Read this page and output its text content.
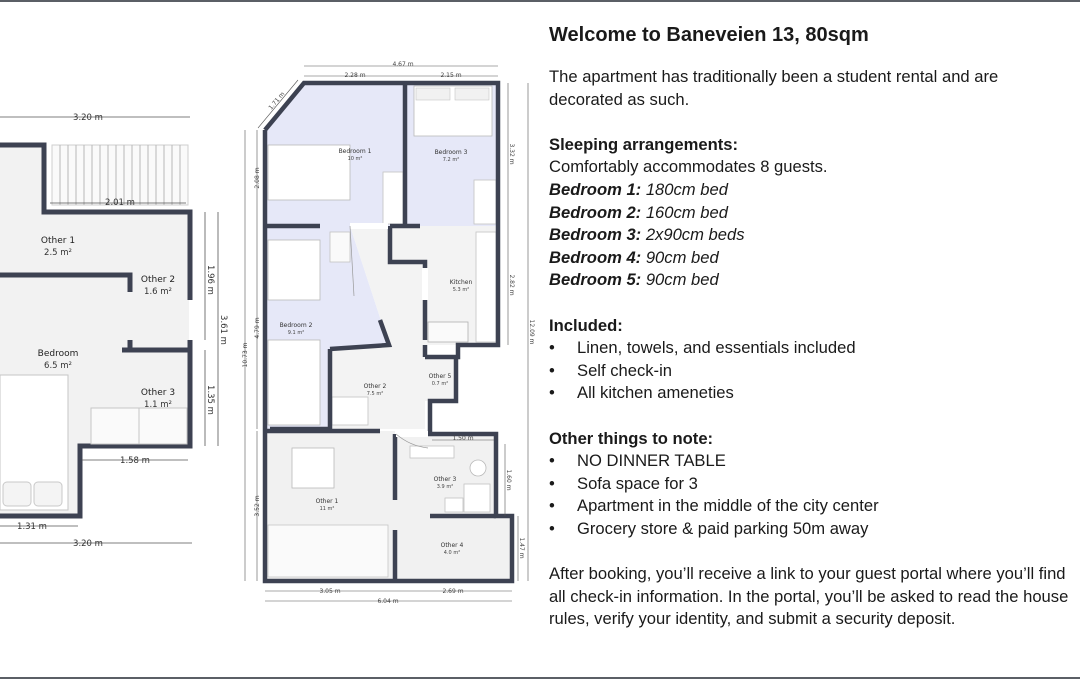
Other 1
2.5 m²
Other 2
1.6 m²
Bedroom
6.5 m²
Other 3
1.1 m²
3.20 m
2.01 m
1.96 m
3.61 m
1.35 m
1.58 m
1.31 m
3.20 m
Bedroom 1
10 m²
Bedroom 3
7.2 m²
Kitchen
5.3 m²
Bedroom 2
9.1 m²
Other 2
7.5 m²
Other 5
0.7 m²
Other 3
3.9 m²
Other 1
11 m²
Other 4
4.0 m²
4.67 m
2.28 m	2.15 m
1.71 m
10.73 m
2.08 m
4.79 m
3.52 m
3.32 m
2.82 m
12.09 m
1.60 m
1.47 m
1.50 m
3.05 m	2.69 m
6.04 m
Welcome to Baneveien 13, 80sqm

The apartment has traditionally been a student rental and are decorated as such.

Sleeping arrangements:

Comfortably accommodates 8 guests.

Bedroom 1: 180cm bed

Bedroom 2: 160cm bed

Bedroom 3: 2x90cm beds

Bedroom 4: 90cm bed

Bedroom 5: 90cm bed

Included:

• Linen, towels, and essentials included
• Self check-in
• All kitchen ameneties

Other things to note:

• NO DINNER TABLE
• Sofa space for 3
• Apartment in the middle of the city center
• Grocery store & paid parking 50m away

After booking, you’ll receive a link to your guest portal where you’ll find all check-in information. In the portal, you’ll be asked to read the house rules, verify your identity, and submit a security deposit.
